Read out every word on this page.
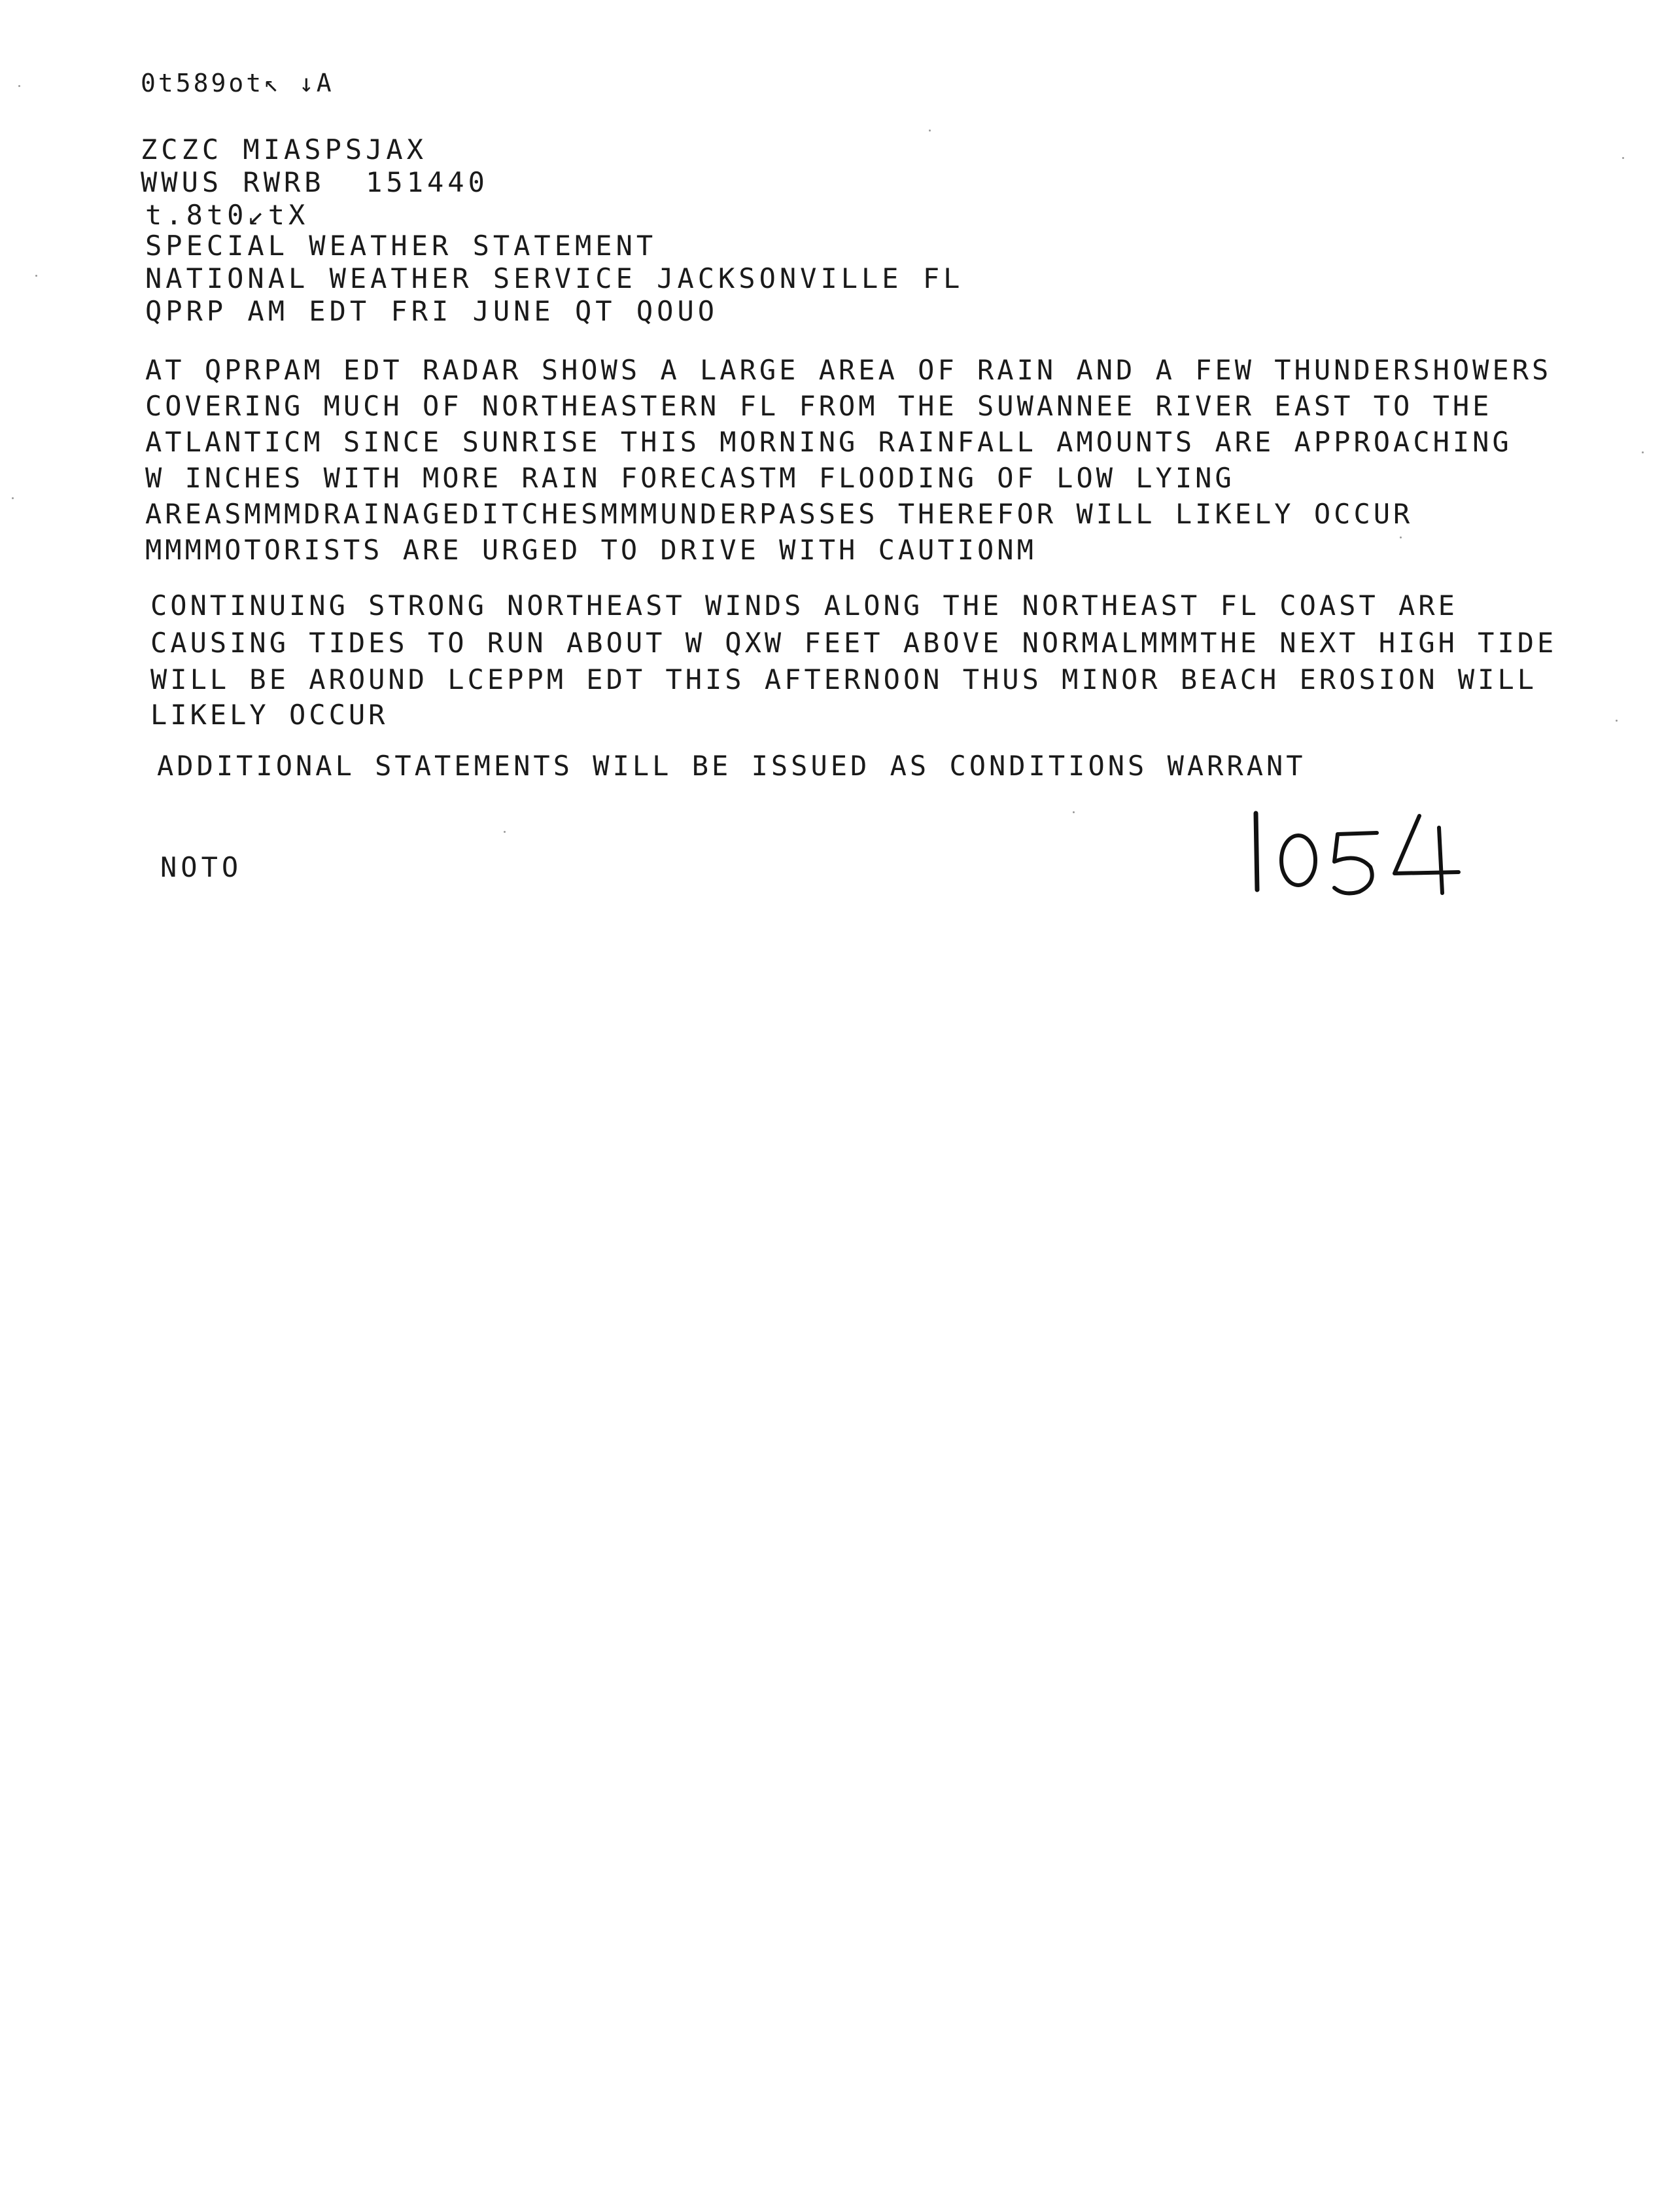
0t589ot↖ ↓A
ZCZC MIASPSJAX
WWUS RWRB  151440
t.8t0↙tX
SPECIAL WEATHER STATEMENT
NATIONAL WEATHER SERVICE JACKSONVILLE FL
QPRP AM EDT FRI JUNE QT QOUO
AT QPRPAM EDT RADAR SHOWS A LARGE AREA OF RAIN AND A FEW THUNDERSHOWERS
COVERING MUCH OF NORTHEASTERN FL FROM THE SUWANNEE RIVER EAST TO THE
ATLANTICM SINCE SUNRISE THIS MORNING RAINFALL AMOUNTS ARE APPROACHING
W INCHES WITH MORE RAIN FORECASTM FLOODING OF LOW LYING
AREASMMMDRAINAGEDITCHESMMMUNDERPASSES THEREFOR WILL LIKELY OCCUR
MMMMOTORISTS ARE URGED TO DRIVE WITH CAUTIONM
CONTINUING STRONG NORTHEAST WINDS ALONG THE NORTHEAST FL COAST ARE
CAUSING TIDES TO RUN ABOUT W QXW FEET ABOVE NORMALMMMTHE NEXT HIGH TIDE
WILL BE AROUND LCEPPM EDT THIS AFTERNOON THUS MINOR BEACH EROSION WILL
LIKELY OCCUR
ADDITIONAL STATEMENTS WILL BE ISSUED AS CONDITIONS WARRANT
NOTO
